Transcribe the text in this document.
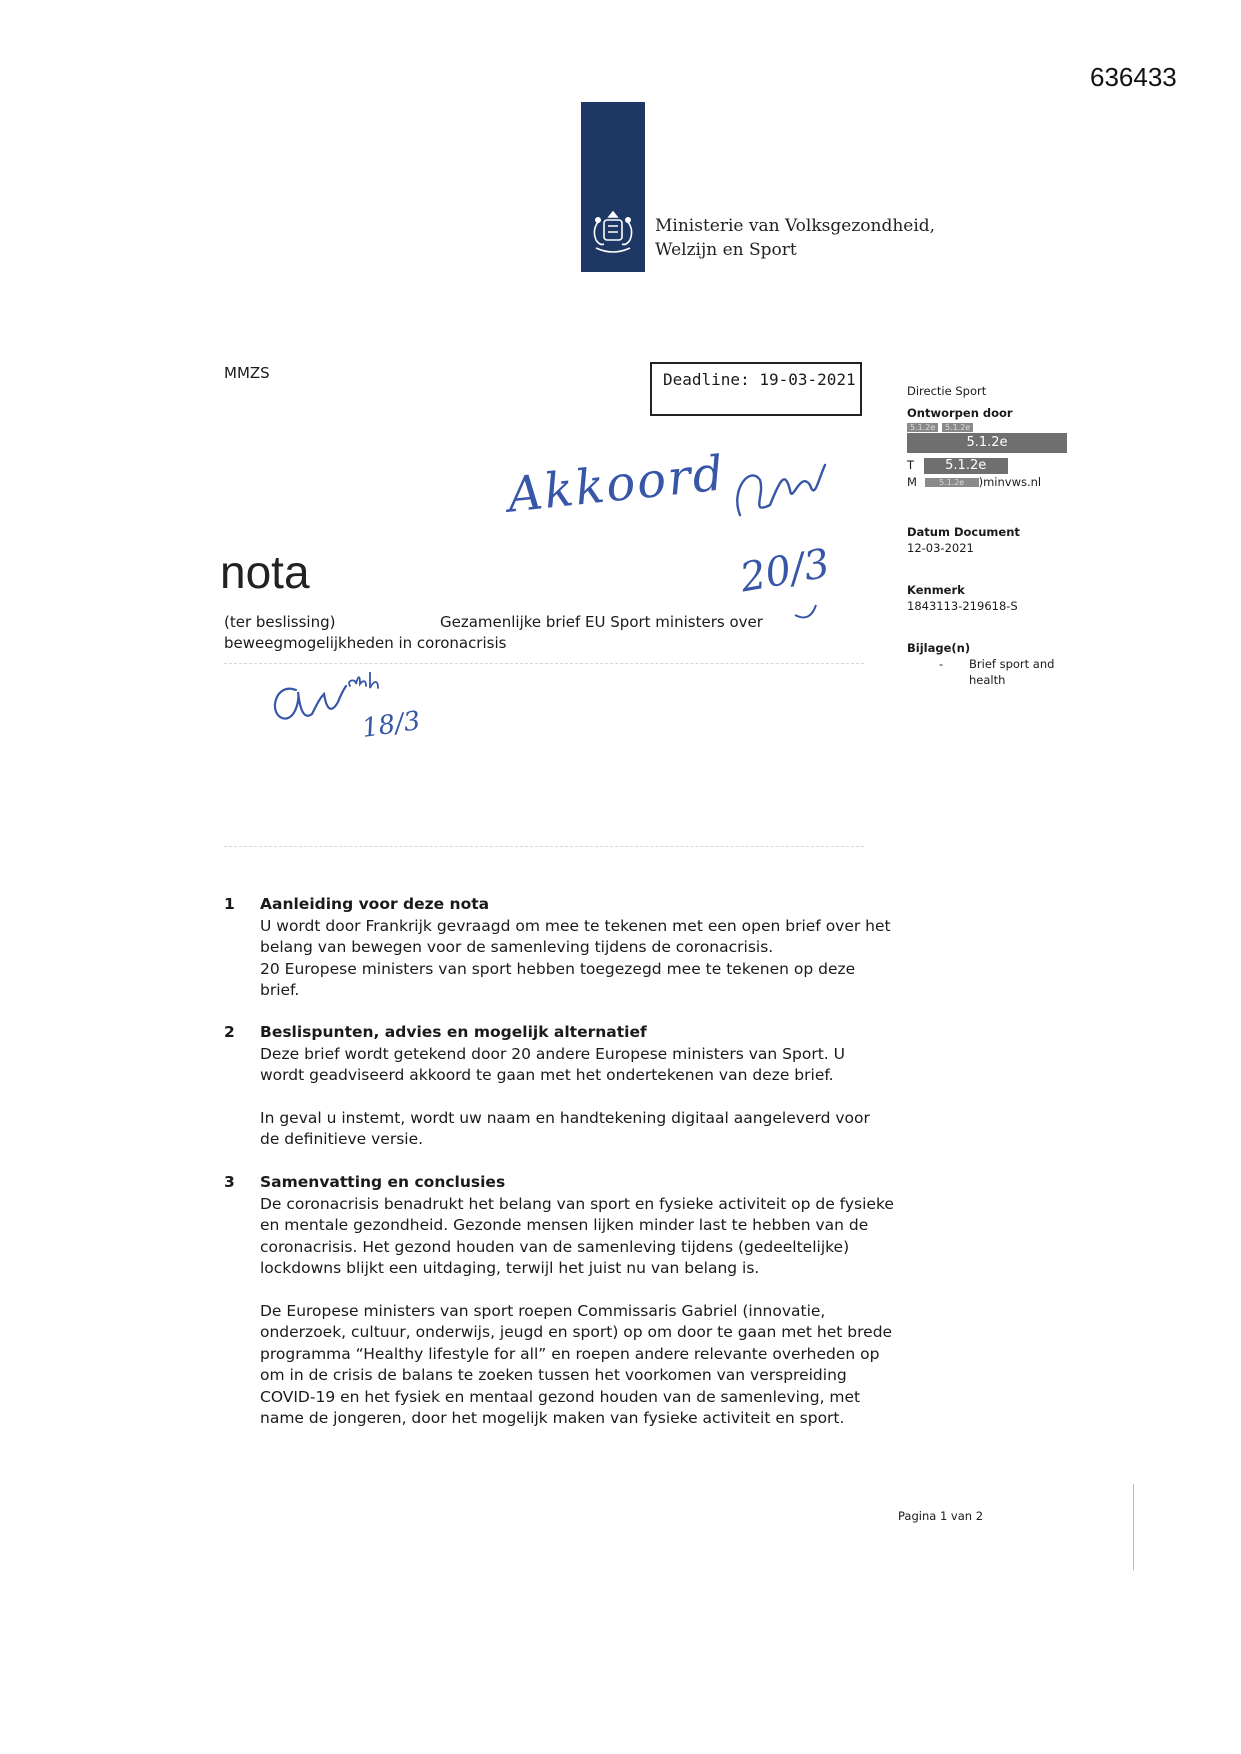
636433
Ministerie van Volksgezondheid,
Welzijn en Sport
MMZS	Deadline: 19-03-2021
Akkoord
20/3
nota
(ter beslissing)	Gezamenlijke brief EU Sport ministers over
beweegmogelijkheden in coronacrisis
18/3
Directie Sport
Ontworpen door
5.1.2e 5.1.2e
5.1.2e
T 5.1.2e
M	5.1.2e )minvws.nl
Datum Document
12-03-2021
Kenmerk
1843113-219618-S
Bijlage(n)
- Brief sport and health
1 Aanleiding voor deze nota
U wordt door Frankrijk gevraagd om mee te tekenen met een open brief over het belang van bewegen voor de samenleving tijdens de coronacrisis.
20 Europese ministers van sport hebben toegezegd mee te tekenen op deze brief.
2 Beslispunten, advies en mogelijk alternatief

Deze brief wordt getekend door 20 andere Europese ministers van Sport. U wordt geadviseerd akkoord te gaan met het ondertekenen van deze brief.

In geval u instemt, wordt uw naam en handtekening digitaal aangeleverd voor de definitieve versie.

3 Samenvatting en conclusies

De coronacrisis benadrukt het belang van sport en fysieke activiteit op de fysieke en mentale gezondheid. Gezonde mensen lijken minder last te hebben van de coronacrisis. Het gezond houden van de samenleving tijdens (gedeeltelijke) lockdowns blijkt een uitdaging, terwijl het juist nu van belang is.

De Europese ministers van sport roepen Commissaris Gabriel (innovatie, onderzoek, cultuur, onderwijs, jeugd en sport) op om door te gaan met het brede programma “Healthy lifestyle for all” en roepen andere relevante overheden op om in de crisis de balans te zoeken tussen het voorkomen van verspreiding COVID-19 en het fysiek en mentaal gezond houden van de samenleving, met name de jongeren, door het mogelijk maken van fysieke activiteit en sport.

Pagina 1 van 2
